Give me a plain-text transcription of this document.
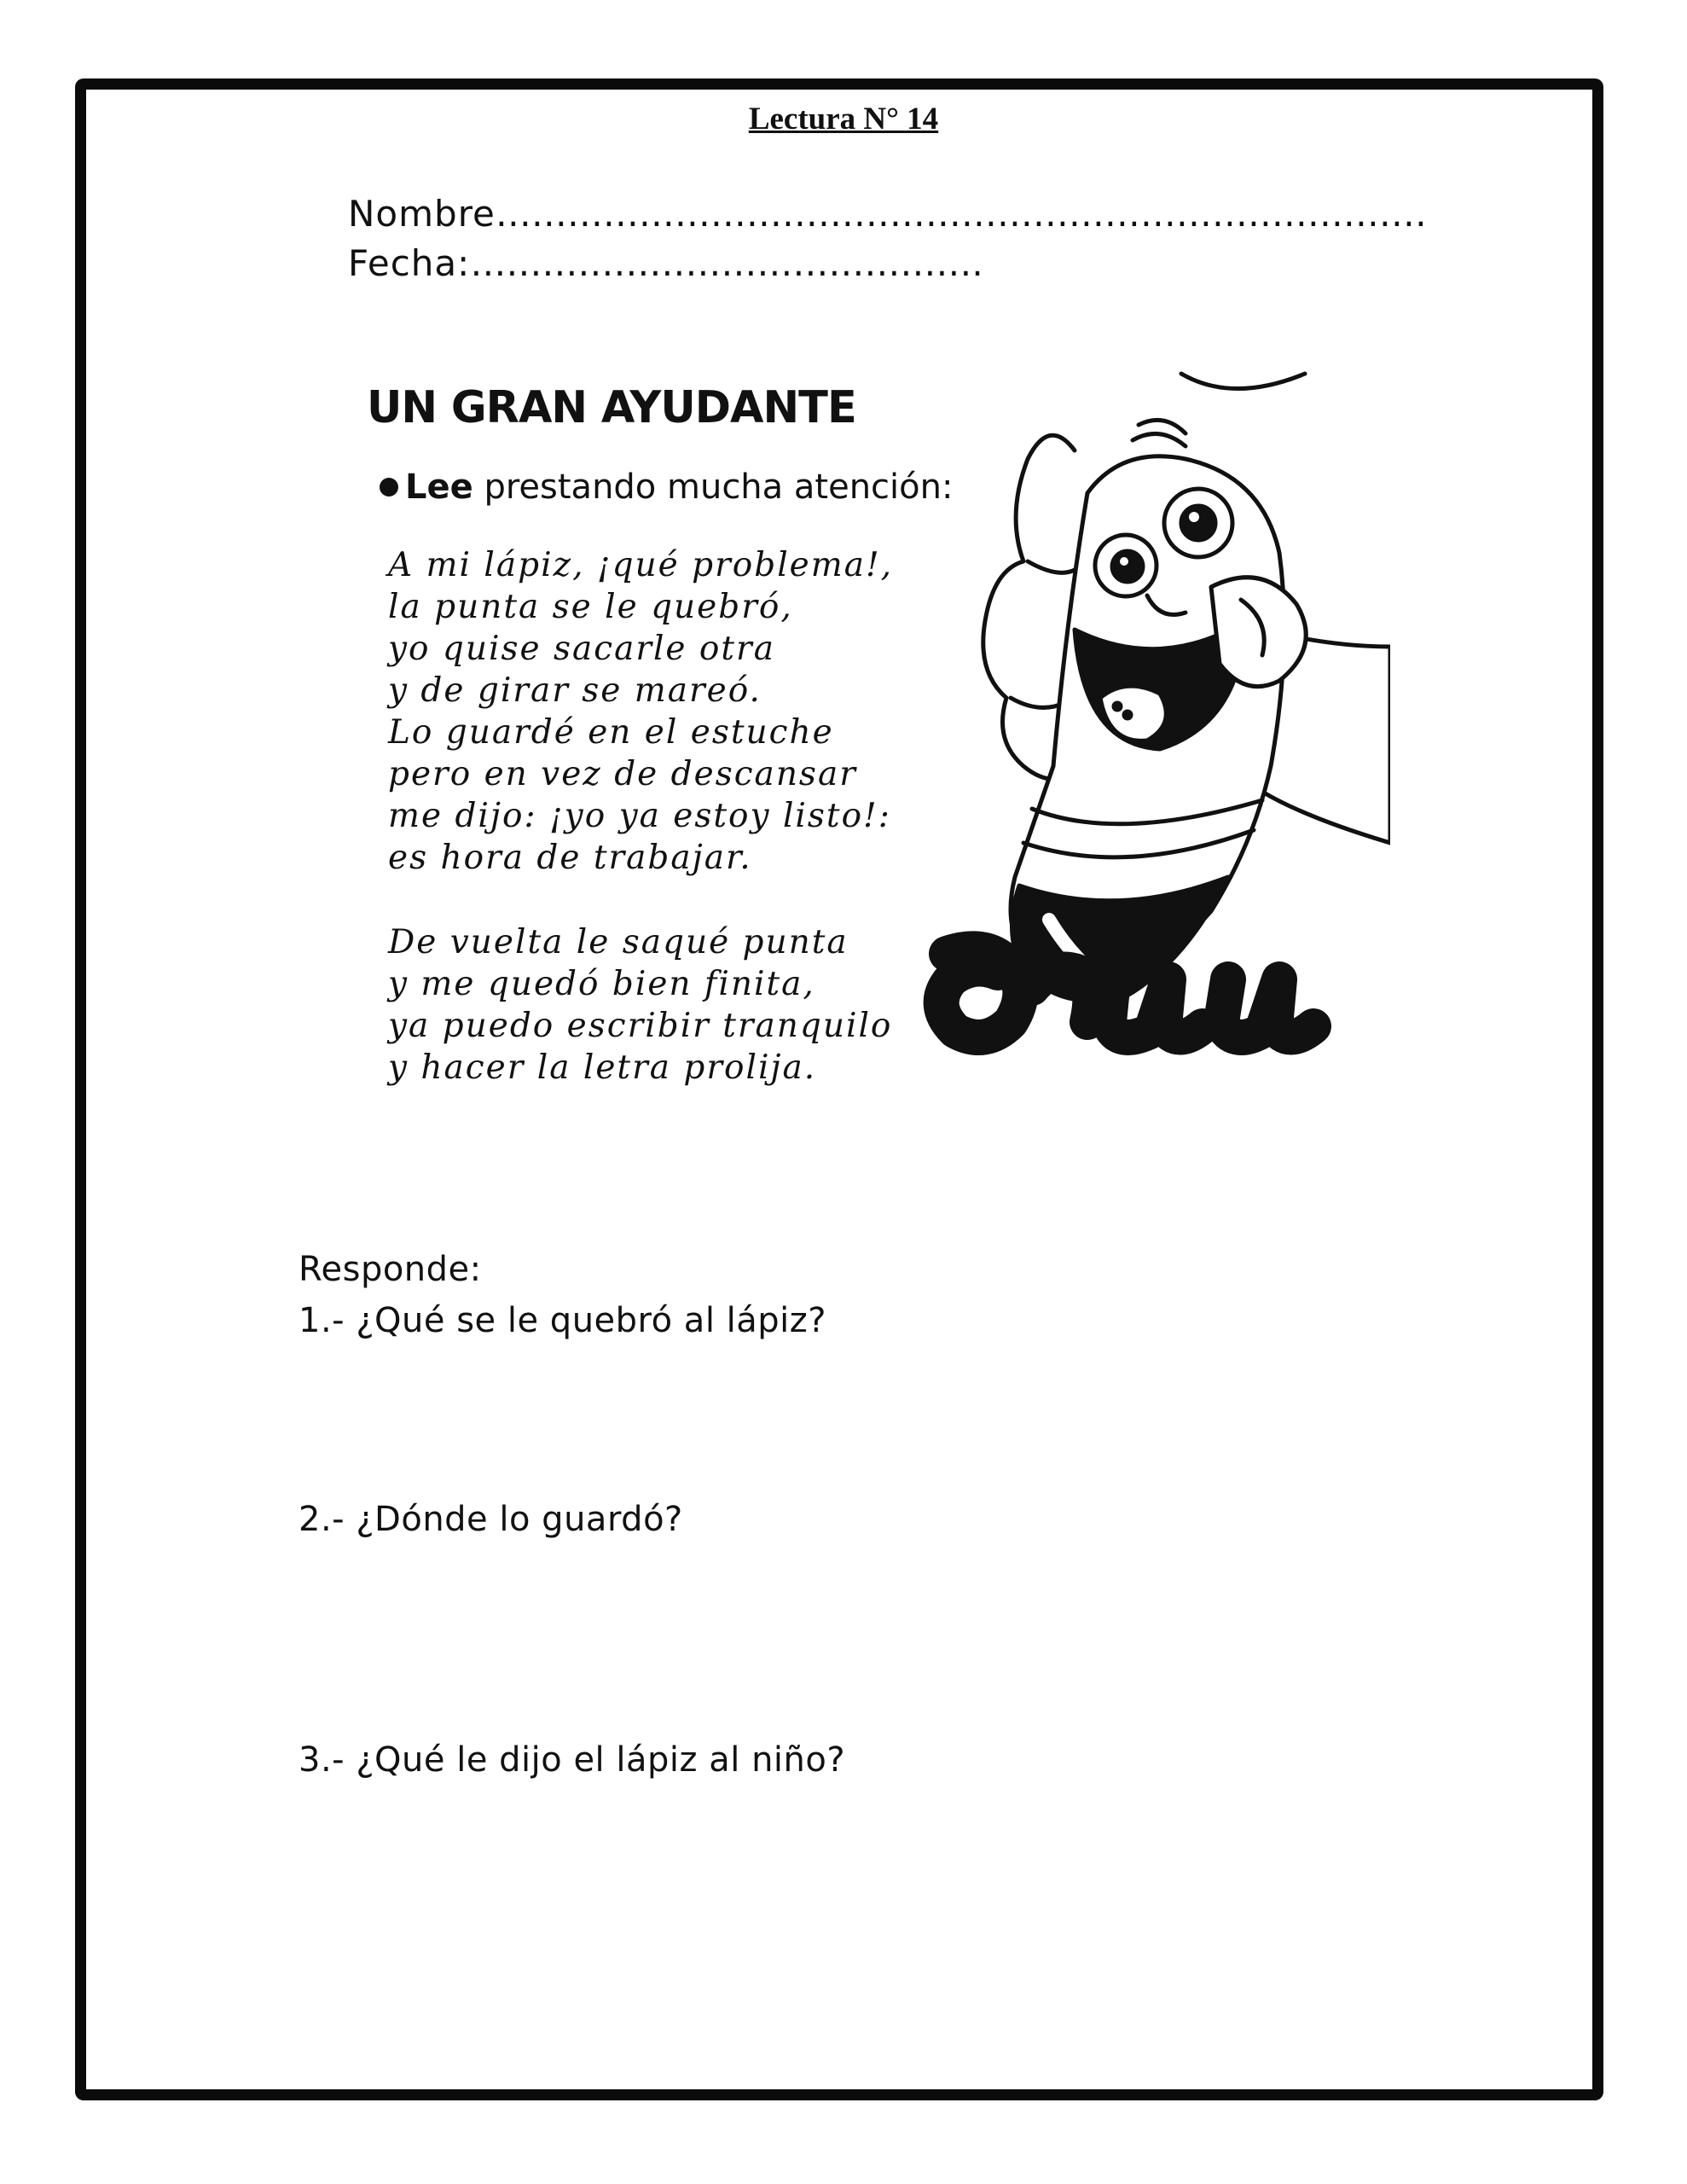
Lectura N° 14
Nombre……………………………………………………………………
Fecha:…………………………………….
UN GRAN AYUDANTE
Lee prestando mucha atención:
A mi lápiz, ¡qué problema!,
la punta se le quebró,
yo quise sacarle otra
y de girar se mareó.
Lo guardé en el estuche
pero en vez de descansar
me dijo: ¡yo ya estoy listo!:
es hora de trabajar.
De vuelta le saqué punta
y me quedó bien finita,
ya puedo escribir tranquilo
y hacer la letra prolija.
Responde:
1.- ¿Qué se le quebró al lápiz?
2.- ¿Dónde lo guardó?
3.- ¿Qué le dijo el lápiz al niño?
